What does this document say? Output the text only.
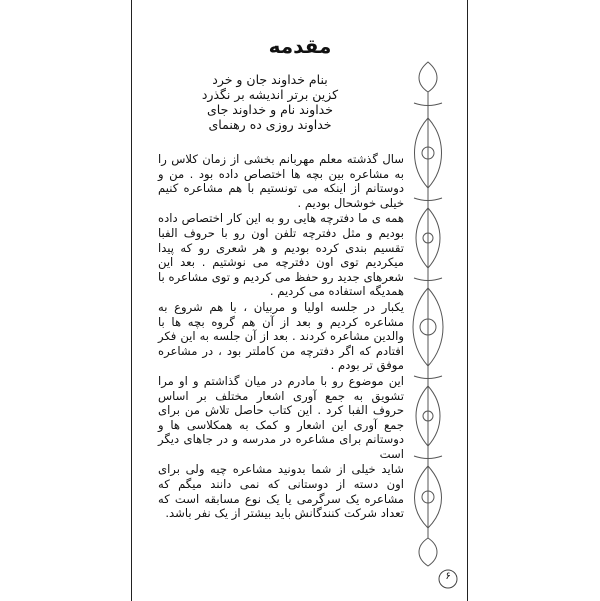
مقدمه
بنام خداوند جان و خرد
کزین برتر اندیشه بر نگذرد
خداوند نام و خداوند جای
خداوند روزی ده رهنمای

سال گذشته معلم مهربانم بخشی از زمان کلاس را به مشاعره بین بچه ها اختصاص داده بود . من و دوستانم از اینکه می تونستیم با هم مشاعره کنیم خیلی خوشحال بودیم .

همه ی ما دفترچه هایی رو به این کار اختصاص داده بودیم و مثل دفترچه تلفن اون رو با حروف الفبا تقسیم بندی کرده بودیم و هر شعری رو که پیدا میکردیم توی اون دفترچه می نوشتیم . بعد این شعرهای جدید رو حفظ می کردیم و توی مشاعره با همدیگه استفاده می کردیم .

یکبار در جلسه اولیا و مربیان ، با هم شروع به مشاعره کردیم و بعد از آن هم گروه بچه ها با والدین مشاعره کردند . بعد از آن جلسه به این فکر افتادم که اگر دفترچه من کاملتر بود ، در مشاعره موفق تر بودم .

این موضوع رو با مادرم در میان گذاشتم و او مرا تشویق به جمع آوری اشعار مختلف بر اساس حروف الفبا کرد . این کتاب حاصل تلاش من برای جمع آوری این اشعار و کمک به همکلاسی ها و دوستانم برای مشاعره در مدرسه و در جاهای دیگر است

شاید خیلی از شما بدونید مشاعره چیه ولی برای اون دسته از دوستانی که نمی دانند میگم که مشاعره یک سرگرمی یا یک نوع مسابقه است که تعداد شرکت کنندگانش باید بیشتر از یک نفر باشد.

۶
